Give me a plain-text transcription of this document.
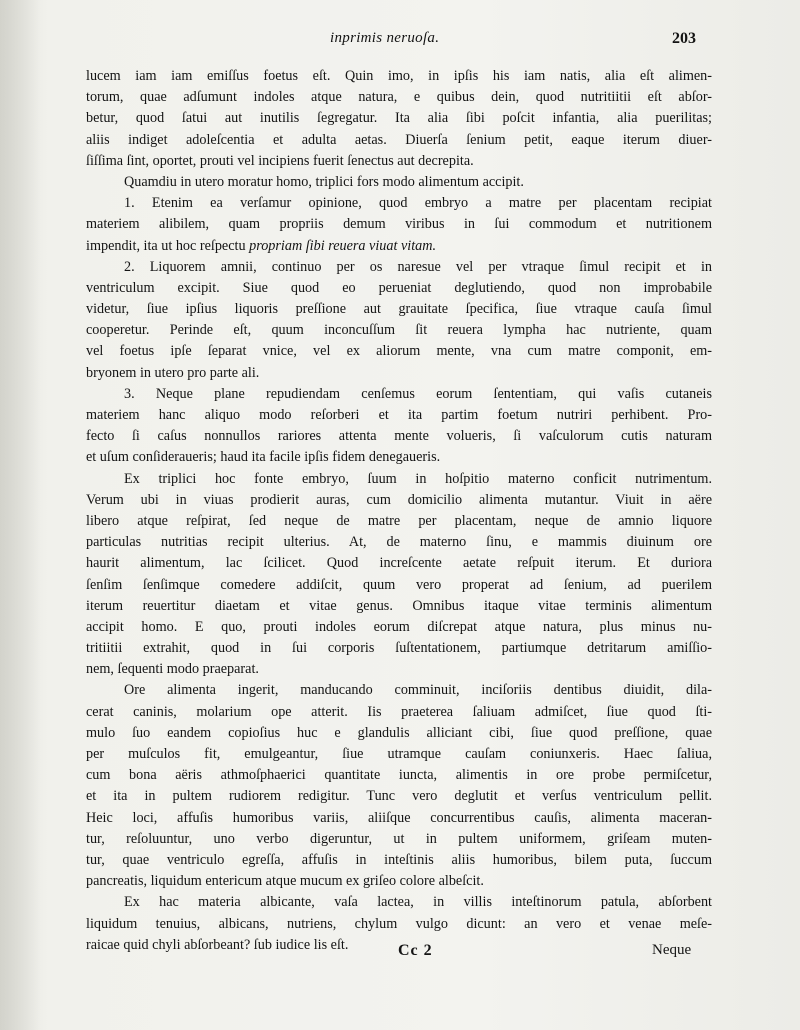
inprimis neruoſa.	203
lucem iam iam emiſſus foetus eſt. Quin imo, in ipſis his iam natis, alia eſt alimen-
torum, quae adſumunt indoles atque natura, e quibus dein, quod nutritiitii eſt abſor-
betur, quod ſatui aut inutilis ſegregatur. Ita alia ſibi poſcit infantia, alia puerilitas;
aliis indiget adoleſcentia et adulta aetas. Diuerſa ſenium petit, eaque iterum diuer-
ſiſſima ſint, oportet, prouti vel incipiens fuerit ſenectus aut decrepita.
Quamdiu in utero moratur homo, triplici fors modo alimentum accipit.
1. Etenim ea verſamur opinione, quod embryo a matre per placentam recipiat
materiem alibilem, quam propriis demum viribus in ſui commodum et nutritionem
impendit, ita ut hoc reſpectu propriam ſibi reuera viuat vitam.
2. Liquorem amnii, continuo per os naresue vel per vtraque ſimul recipit et in
ventriculum excipit. Siue quod eo perueniat deglutiendo, quod non improbabile
videtur, ſiue ipſius liquoris preſſione aut grauitate ſpecifica, ſiue vtraque cauſa ſimul
cooperetur. Perinde eſt, quum inconcuſſum ſit reuera lympha hac nutriente, quam
vel foetus ipſe ſeparat vnice, vel ex aliorum mente, vna cum matre componit, em-
bryonem in utero pro parte ali.
3. Neque plane repudiendam cenſemus eorum ſententiam, qui vaſis cutaneis
materiem hanc aliquo modo reſorberi et ita partim foetum nutriri perhibent. Pro-
fecto ſi caſus nonnullos rariores attenta mente volueris, ſi vaſculorum cutis naturam
et uſum conſideraueris; haud ita facile ipſis fidem denegaueris.
Ex triplici hoc fonte embryo, ſuum in hoſpitio materno conficit nutrimentum.
Verum ubi in viuas prodierit auras, cum domicilio alimenta mutantur. Viuit in aëre
libero atque reſpirat, ſed neque de matre per placentam, neque de amnio liquore
particulas nutritias recipit ulterius. At, de materno ſinu, e mammis diuinum ore
haurit alimentum, lac ſcilicet. Quod increſcente aetate reſpuit iterum. Et duriora
ſenſim ſenſimque comedere addiſcit, quum vero properat ad ſenium, ad puerilem
iterum reuertitur diaetam et vitae genus. Omnibus itaque vitae terminis alimentum
accipit homo. E quo, prouti indoles eorum diſcrepat atque natura, plus minus nu-
tritiitii extrahit, quod in ſui corporis ſuſtentationem, partiumque detritarum amiſſio-
nem, ſequenti modo praeparat.
Ore alimenta ingerit, manducando comminuit, inciſoriis dentibus diuidit, dila-
cerat caninis, molarium ope atterit. Iis praeterea ſaliuam admiſcet, ſiue quod ſti-
mulo ſuo eandem copioſius huc e glandulis alliciant cibi, ſiue quod preſſione, quae
per muſculos fit, emulgeantur, ſiue utramque cauſam coniunxeris. Haec ſaliua,
cum bona aëris athmoſphaerici quantitate iuncta, alimentis in ore probe permiſcetur,
et ita in pultem rudiorem redigitur. Tunc vero deglutit et verſus ventriculum pellit.
Heic loci, affuſis humoribus variis, aliiſque concurrentibus cauſis, alimenta maceran-
tur, reſoluuntur, uno verbo digeruntur, ut in pultem uniformem, griſeam muten-
tur, quae ventriculo egreſſa, affuſis in inteſtinis aliis humoribus, bilem puta, ſuccum
pancreatis, liquidum entericum atque mucum ex griſeo colore albeſcit.
Ex hac materia albicante, vaſa lactea, in villis inteſtinorum patula, abſorbent
liquidum tenuius, albicans, nutriens, chylum vulgo dicunt: an vero et venae meſe-
raicae quid chyli abſorbeant? ſub iudice lis eſt.	Cc 2	Neque
